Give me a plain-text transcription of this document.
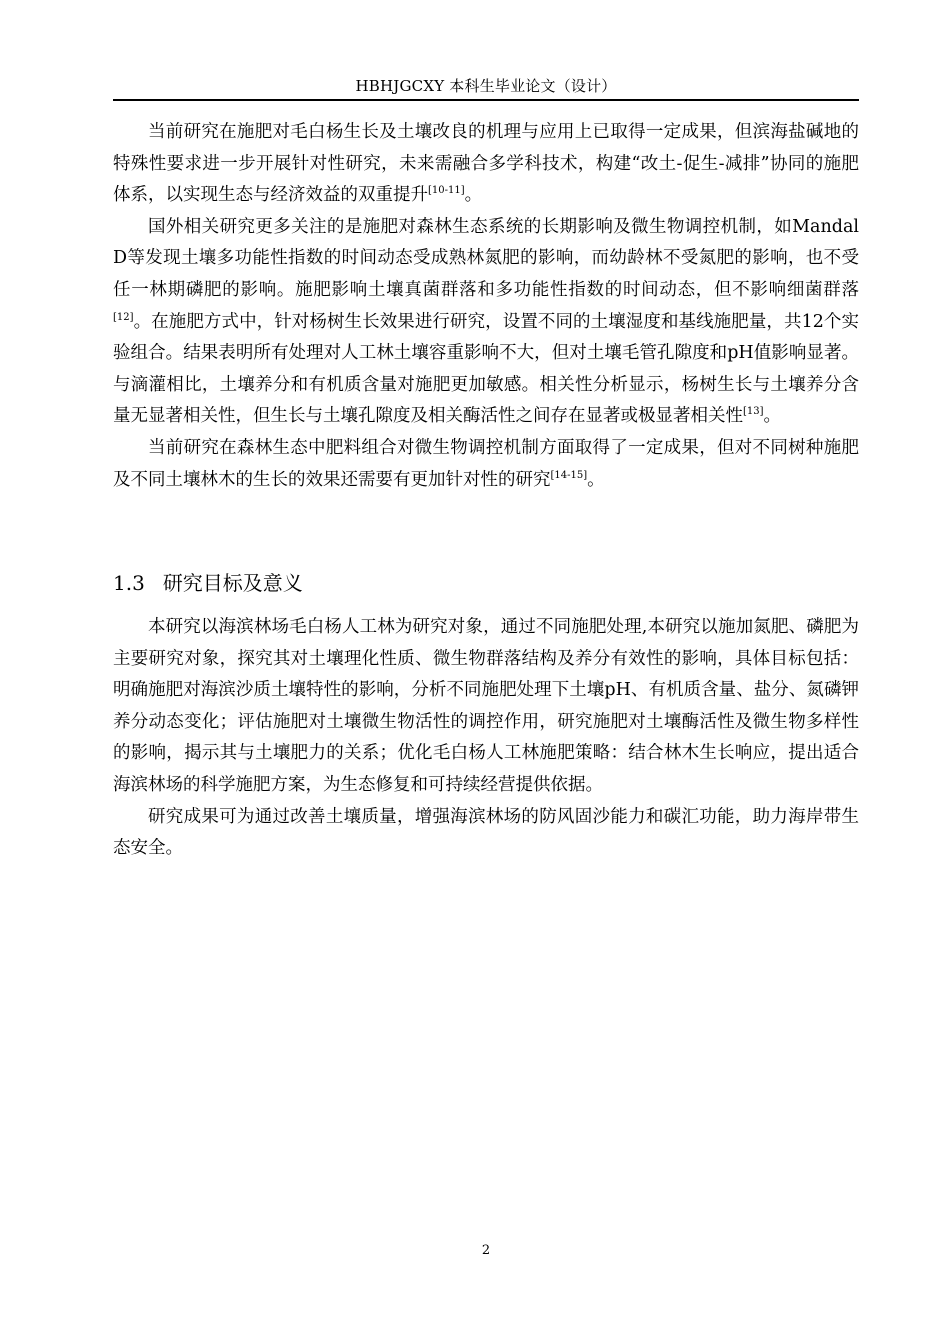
HBHJGCXY 本科生毕业论文（设计）

当前研究在施肥对毛白杨生长及土壤改良的机理与应用上已取得一定成果，但滨海盐碱地的特殊性要求进一步开展针对性研究，未来需融合多学科技术，构建“改土-促生-减排”协同的施肥体系，以实现生态与经济效益的双重提升[10-11]。

国外相关研究更多关注的是施肥对森林生态系统的长期影响及微生物调控机制，如Mandal D等发现土壤多功能性指数的时间动态受成熟林氮肥的影响，而幼龄林不受氮肥的影响，也不受任一林期磷肥的影响。施肥影响土壤真菌群落和多功能性指数的时间动态，但不影响细菌群落[12]。在施肥方式中，针对杨树生长效果进行研究，设置不同的土壤湿度和基线施肥量，共12个实验组合。结果表明所有处理对人工林土壤容重影响不大，但对土壤毛管孔隙度和pH值影响显著。与滴灌相比，土壤养分和有机质含量对施肥更加敏感。相关性分析显示，杨树生长与土壤养分含量无显著相关性，但生长与土壤孔隙度及相关酶活性之间存在显著或极显著相关性[13]。

当前研究在森林生态中肥料组合对微生物调控机制方面取得了一定成果，但对不同树种施肥及不同土壤林木的生长的效果还需要有更加针对性的研究[14-15]。

1.3 研究目标及意义

本研究以海滨林场毛白杨人工林为研究对象，通过不同施肥处理,本研究以施加氮肥、磷肥为主要研究对象，探究其对土壤理化性质、微生物群落结构及养分有效性的影响，具体目标包括：明确施肥对海滨沙质土壤特性的影响，分析不同施肥处理下土壤pH、有机质含量、盐分、氮磷钾养分动态变化；评估施肥对土壤微生物活性的调控作用，研究施肥对土壤酶活性及微生物多样性的影响，揭示其与土壤肥力的关系；优化毛白杨人工林施肥策略：结合林木生长响应，提出适合海滨林场的科学施肥方案，为生态修复和可持续经营提供依据。

研究成果可为通过改善土壤质量，增强海滨林场的防风固沙能力和碳汇功能，助力海岸带生态安全。

2
